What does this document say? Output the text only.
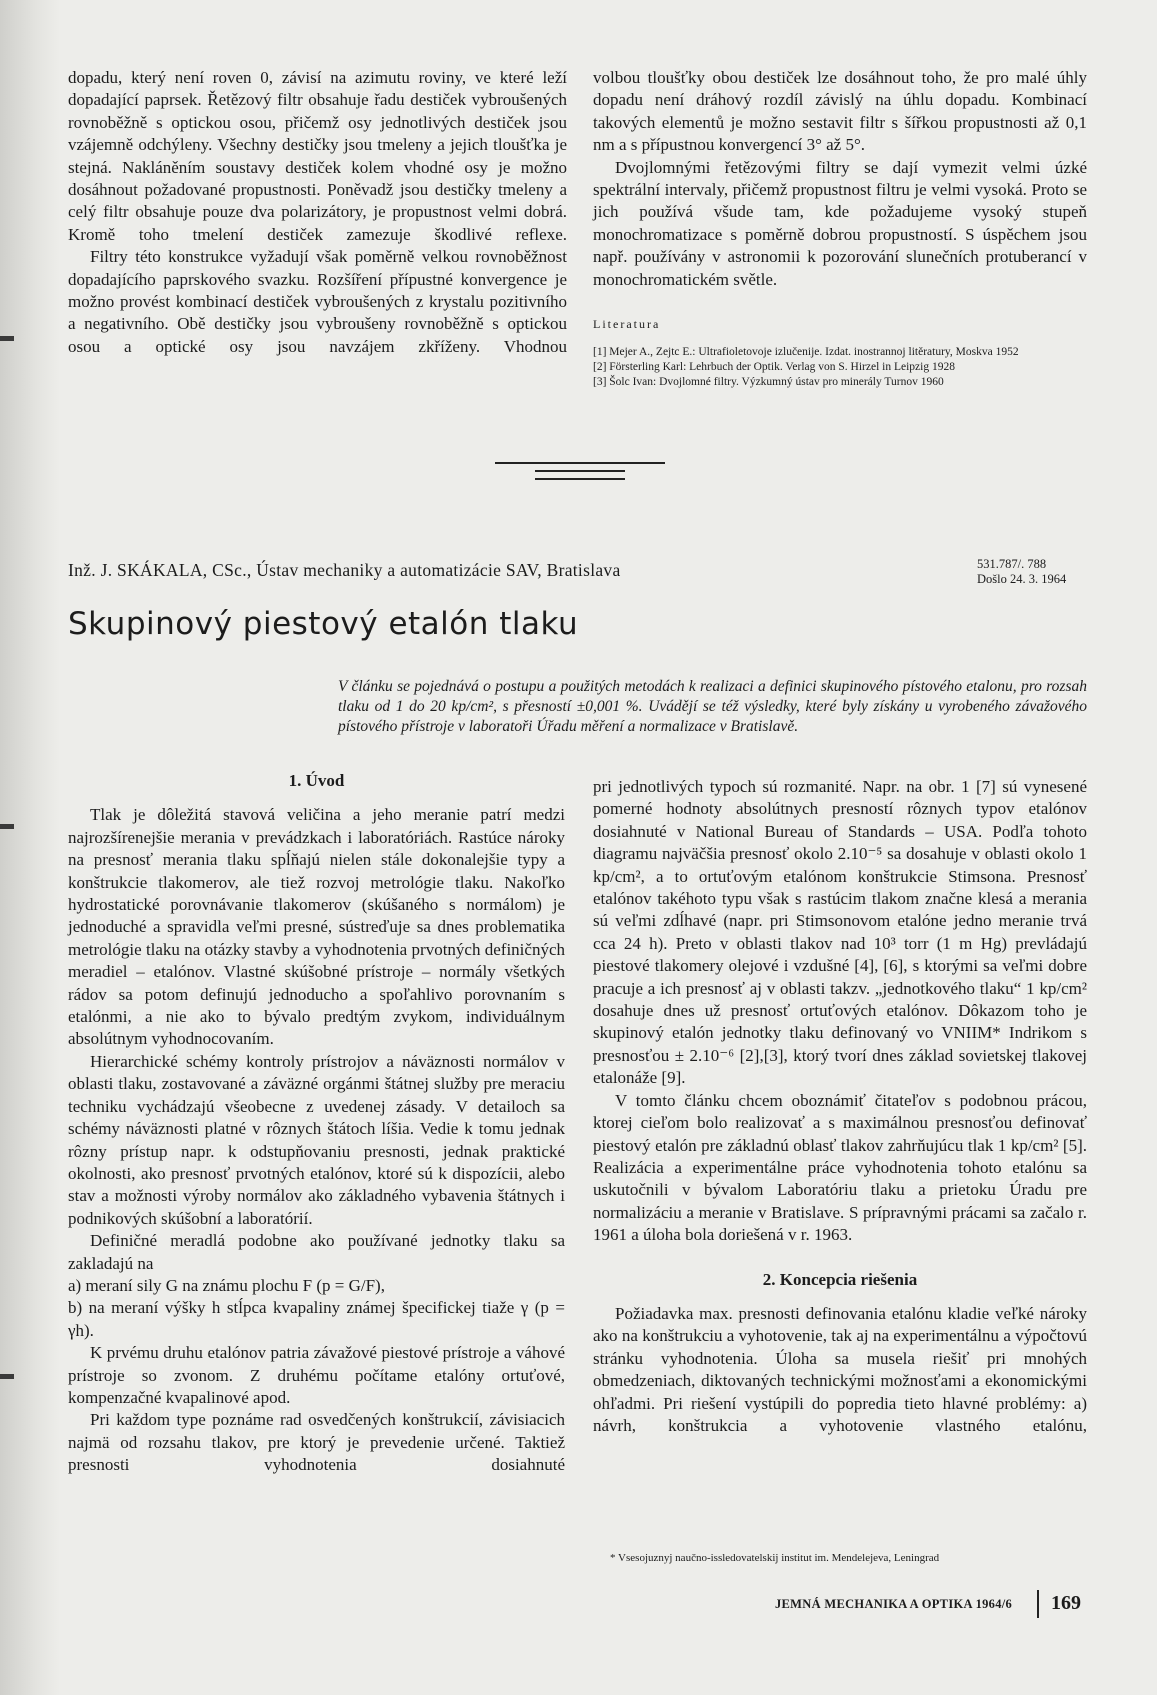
dopadu, který není roven 0, závisí na azimutu roviny, ve které leží dopadající paprsek. Řetězový filtr obsahuje řadu destiček vybroušených rovnoběžně s optickou osou, přičemž osy jednotlivých destiček jsou vzájemně odchýleny. Všechny destičky jsou tmeleny a jejich tloušťka je stejná. Nakláněním soustavy destiček kolem vhodné osy je možno dosáhnout požadované propustnosti. Poněvadž jsou destičky tmeleny a celý filtr obsahuje pouze dva polarizátory, je propustnost velmi dobrá. Kromě toho tmelení destiček zamezuje škodlivé reflexe.

Filtry této konstrukce vyžadují však poměrně velkou rovnoběžnost dopadajícího paprskového svazku. Rozšíření přípustné konvergence je možno provést kombinací destiček vybroušených z krystalu pozitivního a negativního. Obě destičky jsou vybroušeny rovnoběžně s optickou osou a optické osy jsou navzájem zkříženy. Vhodnou

volbou tloušťky obou destiček lze dosáhnout toho, že pro malé úhly dopadu není dráhový rozdíl závislý na úhlu dopadu. Kombinací takových elementů je možno sestavit filtr s šířkou propustnosti až 0,1 nm a s přípustnou konvergencí 3° až 5°.

Dvojlomnými řetězovými filtry se dají vymezit velmi úzké spektrální intervaly, přičemž propustnost filtru je velmi vysoká. Proto se jich používá všude tam, kde požadujeme vysoký stupeň monochromatizace s poměrně dobrou propustností. S úspěchem jsou např. používány v astronomii k pozorování slunečních protuberancí v monochromatickém světle.

Literatura
[1] Mejer A., Zejtc E.: Ultrafioletovoje izlučenije. Izdat. inostrannoj litěratury, Moskva 1952
[2] Försterling Karl: Lehrbuch der Optik. Verlag von S. Hirzel in Leipzig 1928
[3] Šolc Ivan: Dvojlomné filtry. Výzkumný ústav pro minerály Turnov 1960
Inž. J. SKÁKALA, CSc., Ústav mechaniky a automatizácie SAV, Bratislava	531.787/. 788
Došlo 24. 3. 1964
Skupinový piestový etalón tlaku
V článku se pojednává o postupu a použitých metodách k realizaci a definici skupinového pístového etalonu, pro rozsah tlaku od 1 do 20 kp/cm², s přesností ±0,001 %. Uvádějí se též výsledky, které byly získány u vyrobeného závažového pístového přístroje v laboratoři Úřadu měření a normalizace v Bratislavě.

1. Úvod

Tlak je dôležitá stavová veličina a jeho meranie patrí medzi najrozšírenejšie merania v prevádzkach i laboratóriách. Rastúce nároky na presnosť merania tlaku spĺňajú nielen stále dokonalejšie typy a konštrukcie tlakomerov, ale tiež rozvoj metrológie tlaku. Nakoľko hydrostatické porovnávanie tlakomerov (skúšaného s normálom) je jednoduché a spravidla veľmi presné, sústreďuje sa dnes problematika metrológie tlaku na otázky stavby a vyhodnotenia prvotných definičných meradiel – etalónov. Vlastné skúšobné prístroje – normály všetkých rádov sa potom definujú jednoducho a spoľahlivo porovnaním s etalónmi, a nie ako to bývalo predtým zvykom, individuálnym absolútnym vyhodnocovaním.

Hierarchické schémy kontroly prístrojov a náväznosti normálov v oblasti tlaku, zostavované a záväzné orgánmi štátnej služby pre meraciu techniku vychádzajú všeobecne z uvedenej zásady. V detailoch sa schémy náväznosti platné v rôznych štátoch líšia. Vedie k tomu jednak rôzny prístup napr. k odstupňovaniu presnosti, jednak praktické okolnosti, ako presnosť prvotných etalónov, ktoré sú k dispozícii, alebo stav a možnosti výroby normálov ako základného vybavenia štátnych i podnikových skúšobní a laboratórií.

Definičné meradlá podobne ako používané jednotky tlaku sa zakladajú na

a) meraní sily G na známu plochu F (p = G/F),

b) na meraní výšky h stĺpca kvapaliny známej špecifickej tiaže γ (p = γh).

K prvému druhu etalónov patria závažové piestové prístroje a váhové prístroje so zvonom. Z druhému počítame etalóny ortuťové, kompenzačné kvapalinové apod.

Pri každom type poznáme rad osvedčených konštrukcií, závisiacich najmä od rozsahu tlakov, pre ktorý je prevedenie určené. Taktiež presnosti vyhodnotenia dosiahnuté

pri jednotlivých typoch sú rozmanité. Napr. na obr. 1 [7] sú vynesené pomerné hodnoty absolútnych presností rôznych typov etalónov dosiahnuté v National Bureau of Standards – USA. Podľa tohoto diagramu najväčšia presnosť okolo 2.10⁻⁵ sa dosahuje v oblasti okolo 1 kp/cm², a to ortuťovým etalónom konštrukcie Stimsona. Presnosť etalónov takéhoto typu však s rastúcim tlakom značne klesá a merania sú veľmi zdĺhavé (napr. pri Stimsonovom etalóne jedno meranie trvá cca 24 h). Preto v oblasti tlakov nad 10³ torr (1 m Hg) prevládajú piestové tlakomery olejové i vzdušné [4], [6], s ktorými sa veľmi dobre pracuje a ich presnosť aj v oblasti takzv. „jednotkového tlaku“ 1 kp/cm² dosahuje dnes už presnosť ortuťových etalónov. Dôkazom toho je skupinový etalón jednotky tlaku definovaný vo VNIIM* Indrikom s presnosťou ± 2.10⁻⁶ [2],[3], ktorý tvorí dnes základ sovietskej tlakovej etalonáže [9].

V tomto článku chcem oboznámiť čitateľov s podobnou prácou, ktorej cieľom bolo realizovať a s maximálnou presnosťou definovať piestový etalón pre základnú oblasť tlakov zahrňujúcu tlak 1 kp/cm² [5]. Realizácia a experimentálne práce vyhodnotenia tohoto etalónu sa uskutočnili v bývalom Laboratóriu tlaku a prietoku Úradu pre normalizáciu a meranie v Bratislave. S prípravnými prácami sa začalo r. 1961 a úloha bola doriešená v r. 1963.

2. Koncepcia riešenia

Požiadavka max. presnosti definovania etalónu kladie veľké nároky ako na konštrukciu a vyhotovenie, tak aj na experimentálnu a výpočtovú stránku vyhodnotenia. Úloha sa musela riešiť pri mnohých obmedzeniach, diktovaných technickými možnosťami a ekonomickými ohľadmi. Pri riešení vystúpili do popredia tieto hlavné problémy: a) návrh, konštrukcia a vyhotovenie vlastného etalónu,

* Vsesojuznyj naučno-issledovatelskij institut im. Mendelejeva, Leningrad
JEMNÁ MECHANIKA A OPTIKA 1964/6 169
